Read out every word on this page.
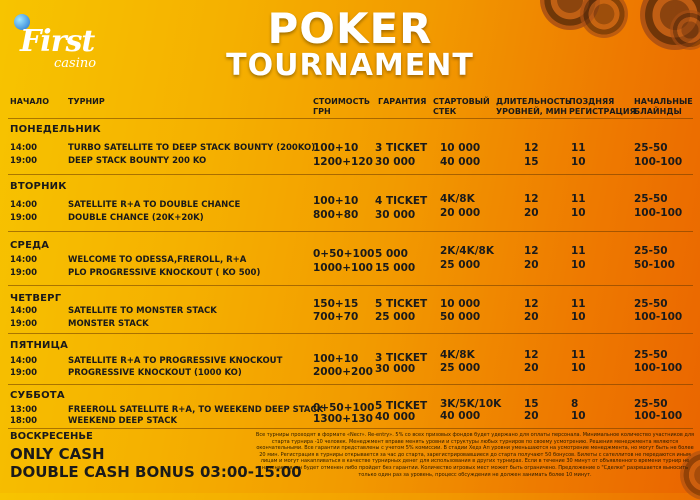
First
casino
POKER
TOURNAMENT
НАЧАЛО ТУРНИР	СТОИМОСТЬ
ГРН
ГАРАНТИЯ СТАРТОВЫЙ
СТЕК
ДЛИТЕЛЬНОСТЬ
УРОВНЕЙ, МИН
ПОЗДНЯЯ
РЕГИСТРАЦИЯ
НАЧАЛЬНЫЕ
БЛАЙНДЫ
ПОНЕДЕЛЬНИК
14:00
19:00
TURBO SATELLITE TO DEEP STACK BOUNTY (200KO)
DEEP STACK BOUNTY 200 KO
100+10
1200+120
3 TICKET
30 000
10 000
40 000
12
15
11
10
25-50
100-100
ВТОРНИК
14:00
19:00
SATELLITE R+A TO DOUBLE CHANCE
DOUBLE CHANCE (20K+20K)
100+10
800+80
4 TICKET
30 000
4K/8K
20 000
12
20
11
10
25-50
100-100
СРЕДА
14:00
19:00
WELCOME TO ODESSA,FREROLL, R+A
PLO PROGRESSIVE KNOCKOUT ( KO 500)
0+50+100
1000+100
5 000
15 000
2K/4K/8K
25 000
12
20
11
10
25-50
50-100
ЧЕТВЕРГ
14:00
19:00
SATELLITE TO MONSTER STACK
MONSTER STACK
150+15
700+70
5 TICKET
25 000
10 000
50 000
12
20
11
10
25-50
100-100
ПЯТНИЦА
14:00
19:00
SATELLITE R+A TO PROGRESSIVE KNOCKOUT
PROGRESSIVE KNOCKOUT (1000 KO)
100+10
2000+200
3 TICKET
30 000
4K/8K
25 000
12
20
11
10
25-50
100-100
СУББОТА
13:00
18:00
FREEROLL SATELLITE R+A, TO WEEKEND DEEP STACK
WEEKEND DEEP STACK
0+50+100
1300+130
5 TICKET
40 000
3K/5K/10K
40 000
15
20
8
10
25-50
100-100
ВОСКРЕСЕНЬЕ
ONLY CASH
DOUBLE CASH BONUS 03:00-15:00
Все турниры проходят в формате «Necr». Re-entry». 5% со всех призовых фондов будет удержано для оплаты персонала. Минимальное количество участников для старта турнира -10 человек. Менеджмент вправе менять уровни и структуры любых турниров по своему усмотрению. Решения менеджмента являются окончательными. Все гарантии представлены с учетом 5% комиссии. В стадии Хедз Ап уровни уменьшаются на усмотрение менеджмента, но могут быть не более 20 мин. Регистрация в турниры открывается за час до старта, зарегистрировавшиеся до старта получают 50 бонусов. Билеты с сателлитов не передаются иным лицам и могут накапливаться в качестве турнирных денег для использования в других турнирах. Если в течение 30 минут от объявленного времени турнир не начинается, он будет отменен либо пройдет без гарантии. Количество игровых мест может быть ограничено. Предложение о "Сделке" разрешается выносить только один раз за уровень, процесс обсуждения не должен занимать более 10 минут.
